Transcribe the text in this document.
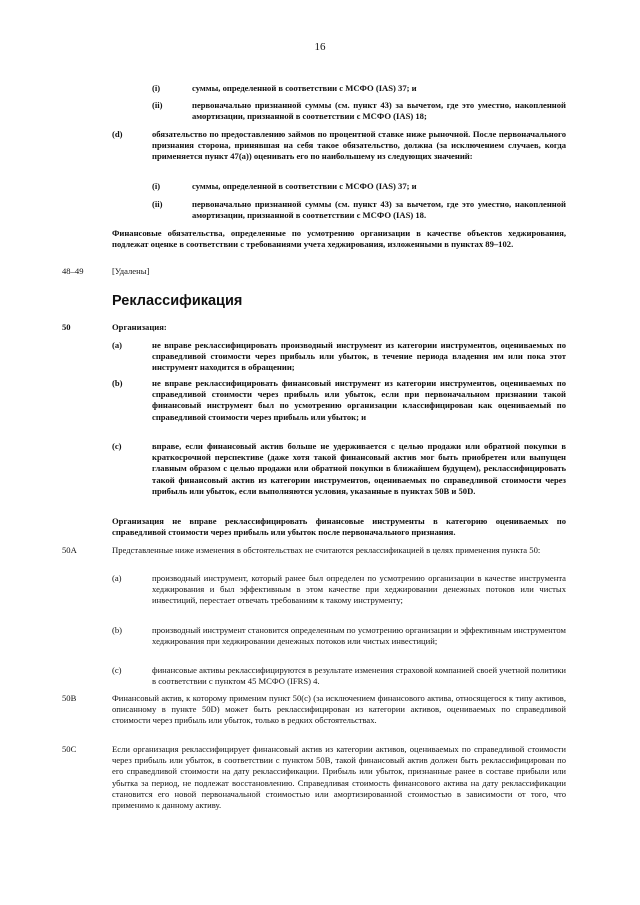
16
(i)	суммы, определенной в соответствии с МСФО (IAS) 37; и
(ii)	первоначально признанной суммы (см. пункт 43) за вычетом, где это уместно, накопленной амортизации, признанной в соответствии с МСФО (IAS) 18;
(d)	обязательство по предоставлению займов по процентной ставке ниже рыночной. После первоначального признания сторона, принявшая на себя такое обязательство, должна (за исключением случаев, когда применяется пункт 47(a)) оценивать его по наибольшему из следующих значений:
(i)	суммы, определенной в соответствии с МСФО (IAS) 37; и
(ii)	первоначально признанной суммы (см. пункт 43) за вычетом, где это уместно, накопленной амортизации, признанной в соответствии с МСФО (IAS) 18.
Финансовые обязательства, определенные по усмотрению организации в качестве объектов хеджирования, подлежат оценке в соответствии с требованиями учета хеджирования, изложенными в пунктах 89–102.
48–49	[Удалены]
Реклассификация
50	Организация:
(a)	не вправе реклассифицировать производный инструмент из категории инструментов, оцениваемых по справедливой стоимости через прибыль или убыток, в течение периода владения им или пока этот инструмент находится в обращении;
(b)	не вправе реклассифицировать финансовый инструмент из категории инструментов, оцениваемых по справедливой стоимости через прибыль или убыток, если при первоначальном признании такой финансовый инструмент был по усмотрению организации классифицирован как оцениваемый по справедливой стоимости через прибыль или убыток; и
(c)	вправе, если финансовый актив больше не удерживается с целью продажи или обратной покупки в краткосрочной перспективе (даже хотя такой финансовый актив мог быть приобретен или выпущен главным образом с целью продажи или обратной покупки в ближайшем будущем), реклассифицировать такой финансовый актив из категории инструментов, оцениваемых по справедливой стоимости через прибыль или убыток, если выполняются условия, указанные в пунктах 50B и 50D.
Организация не вправе реклассифицировать финансовые инструменты в категорию оцениваемых по справедливой стоимости через прибыль или убыток после первоначального признания.
50A	Представленные ниже изменения в обстоятельствах не считаются реклассификацией в целях применения пункта 50:
(a)	производный инструмент, который ранее был определен по усмотрению организации в качестве инструмента хеджирования и был эффективным в этом качестве при хеджировании денежных потоков или чистых инвестиций, перестает отвечать требованиям к такому инструменту;
(b)	производный инструмент становится определенным по усмотрению организации и эффективным инструментом хеджирования при хеджировании денежных потоков или чистых инвестиций;
(c)	финансовые активы реклассифицируются в результате изменения страховой компанией своей учетной политики в соответствии с пунктом 45 МСФО (IFRS) 4.
50B	Финансовый актив, к которому применим пункт 50(c) (за исключением финансового актива, относящегося к типу активов, описанному в пункте 50D) может быть реклассифицирован из категории активов, оцениваемых по справедливой стоимости через прибыль или убыток, только в редких обстоятельствах.
50C	Если организация реклассифицирует финансовый актив из категории активов, оцениваемых по справедливой стоимости через прибыль или убыток, в соответствии с пунктом 50B, такой финансовый актив должен быть реклассифицирован по его справедливой стоимости на дату реклассификации. Прибыль или убыток, признанные ранее в составе прибыли или убытка за период, не подлежат восстановлению. Справедливая стоимость финансового актива на дату реклассификации становится его новой первоначальной стоимостью или амортизированной стоимостью в зависимости от того, что применимо к данному активу.
